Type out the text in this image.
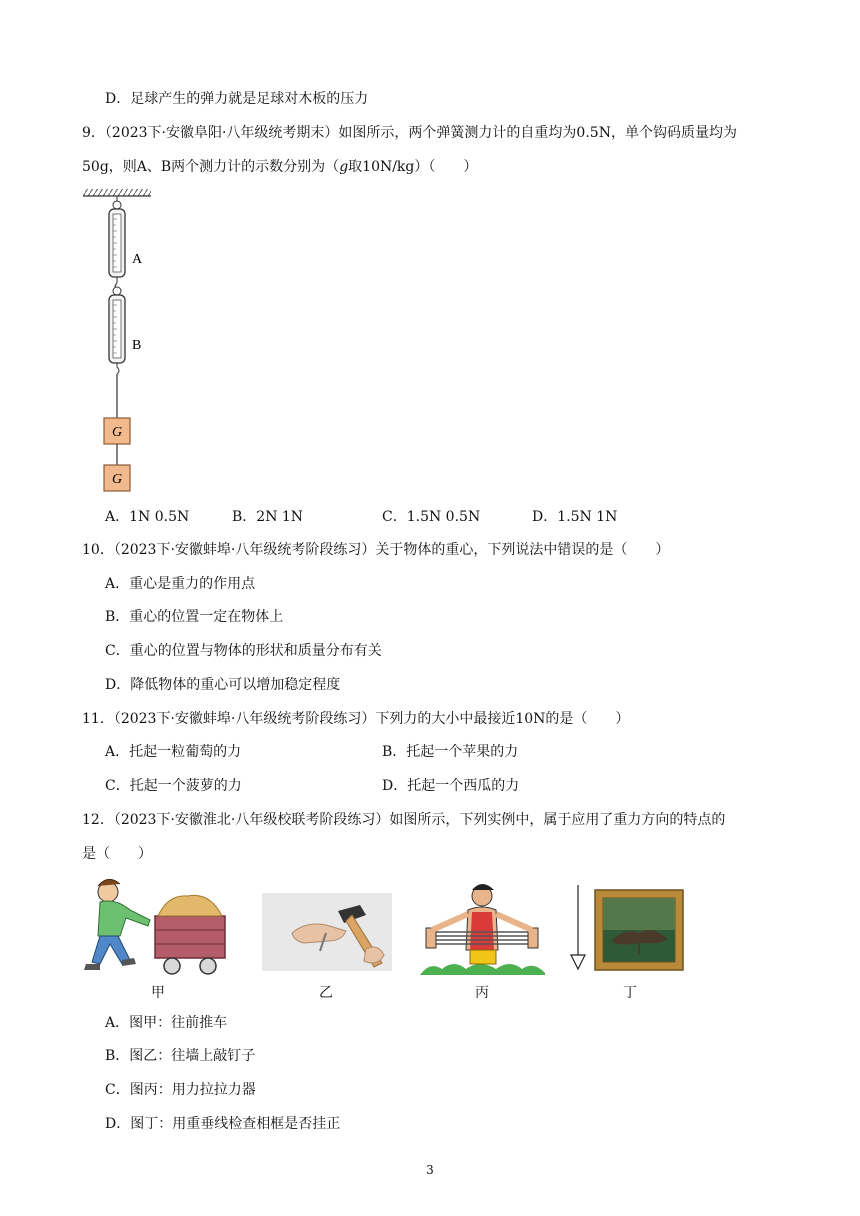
D．足球产生的弹力就是足球对木板的压力
9．（2023下·安徽阜阳·八年级统考期末）如图所示，两个弹簧测力计的自重均为0.5N，单个钩码质量均为
50g，则A、B两个测力计的示数分别为（g取10N/kg）（　　）
A
B
G
G
A．1N 0.5N	B．2N 1N	C．1.5N 0.5N	D．1.5N 1N
10．（2023下·安徽蚌埠·八年级统考阶段练习）关于物体的重心，下列说法中错误的是（　　）
A．重心是重力的作用点
B．重心的位置一定在物体上
C．重心的位置与物体的形状和质量分布有关
D．降低物体的重心可以增加稳定程度
11．（2023下·安徽蚌埠·八年级统考阶段练习）下列力的大小中最接近10N的是（　　）
A．托起一粒葡萄的力	B．托起一个苹果的力
C．托起一个菠萝的力	D．托起一个西瓜的力
12．（2023下·安徽淮北·八年级校联考阶段练习）如图所示，下列实例中，属于应用了重力方向的特点的
是（　　）
甲	乙	丙	丁
A．图甲：往前推车
B．图乙：往墙上敲钉子
C．图丙：用力拉拉力器
D．图丁：用重垂线检查相框是否挂正
3
